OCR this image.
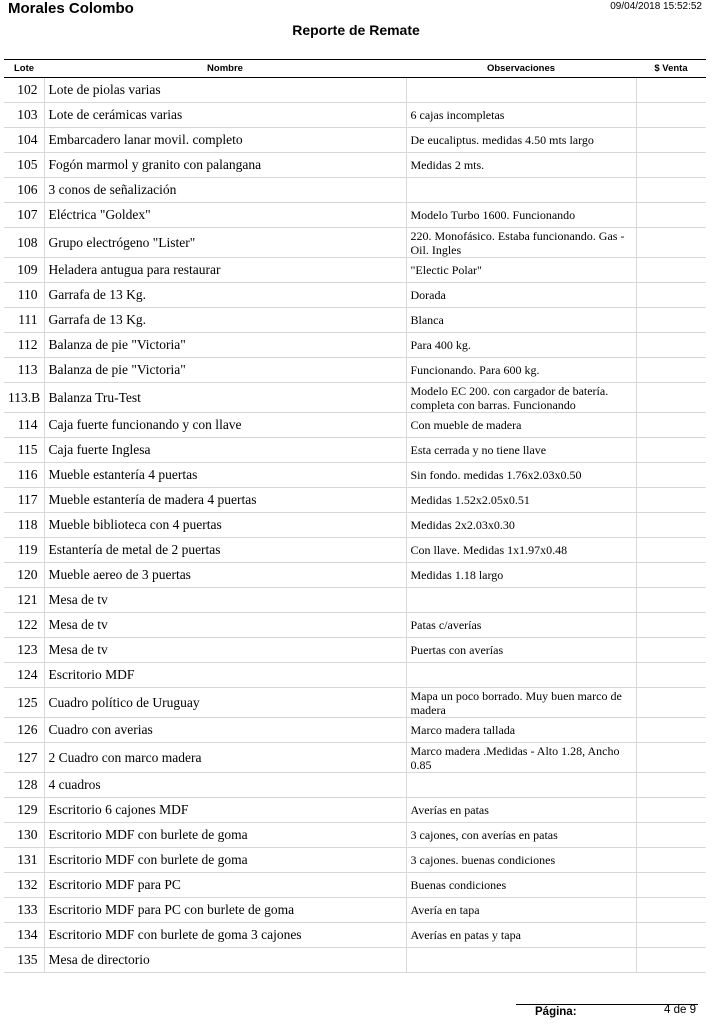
Morales Colombo	09/04/2018 15:52:52
Reporte de Remate
Lote	Nombre	Observaciones	$ Venta
102	Lote de piolas varias		
103	Lote de cerámicas varias	6 cajas incompletas	
104	Embarcadero lanar movil. completo	De eucaliptus. medidas 4.50 mts largo	
105	Fogón marmol y granito con palangana	Medidas 2 mts.	
106	3 conos de señalización		
107	Eléctrica "Goldex"	Modelo Turbo 1600. Funcionando	
108	Grupo electrógeno "Lister"	220. Monofásico. Estaba funcionando. Gas - Oil. Ingles	
109	Heladera antugua para restaurar	"Electic Polar"	
110	Garrafa de 13 Kg.	Dorada	
111	Garrafa de 13 Kg.	Blanca	
112	Balanza de pie "Victoria"	Para 400 kg.	
113	Balanza de pie "Victoria"	Funcionando. Para 600 kg.	
113.B	Balanza Tru-Test	Modelo EC 200. con cargador de batería. completa con barras. Funcionando	
114	Caja fuerte funcionando y con llave	Con mueble de madera	
115	Caja fuerte Inglesa	Esta cerrada y no tiene llave	
116	Mueble estantería 4 puertas	Sin fondo. medidas 1.76x2.03x0.50	
117	Mueble estantería de madera 4 puertas	Medidas 1.52x2.05x0.51	
118	Mueble biblioteca con 4 puertas	Medidas 2x2.03x0.30	
119	Estantería de metal de 2 puertas	Con llave. Medidas 1x1.97x0.48	
120	Mueble aereo de 3 puertas	Medidas 1.18 largo	
121	Mesa de tv		
122	Mesa de tv	Patas c/averías	
123	Mesa de tv	Puertas con averías	
124	Escritorio MDF		
125	Cuadro político de Uruguay	Mapa un poco borrado. Muy buen marco de madera	
126	Cuadro con averias	Marco madera tallada	
127	2 Cuadro con marco madera	Marco madera .Medidas - Alto 1.28, Ancho 0.85	
128	4 cuadros		
129	Escritorio 6 cajones MDF	Averías en patas	
130	Escritorio MDF con burlete de goma	3 cajones, con averías en patas	
131	Escritorio MDF con burlete de goma	3 cajones. buenas condiciones	
132	Escritorio MDF para PC	Buenas condiciones	
133	Escritorio MDF para PC con burlete de goma	Avería en tapa	
134	Escritorio MDF con burlete de goma 3 cajones	Averías en patas y tapa	
135	Mesa de directorio		
Página:	4 de 9
